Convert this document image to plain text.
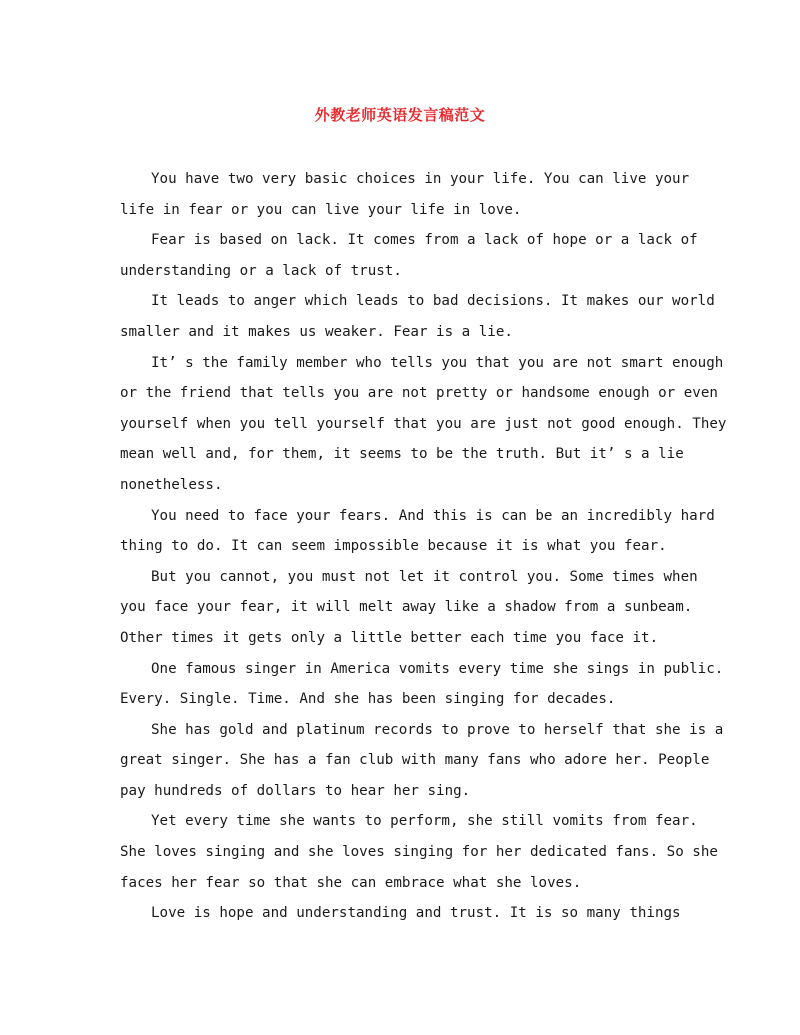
外教老师英语发言稿范文
You have two very basic choices in your life. You can live your
life in fear or you can live your life in love.
Fear is based on lack. It comes from a lack of hope or a lack of
understanding or a lack of trust.
It leads to anger which leads to bad decisions. It makes our world
smaller and it makes us weaker. Fear is a lie.
It’ s the family member who tells you that you are not smart enough
or the friend that tells you are not pretty or handsome enough or even
yourself when you tell yourself that you are just not good enough. They
mean well and, for them, it seems to be the truth. But it’ s a lie
nonetheless.
You need to face your fears. And this is can be an incredibly hard
thing to do. It can seem impossible because it is what you fear.
But you cannot, you must not let it control you. Some times when
you face your fear, it will melt away like a shadow from a sunbeam.
Other times it gets only a little better each time you face it.
One famous singer in America vomits every time she sings in public.
Every. Single. Time. And she has been singing for decades.
She has gold and platinum records to prove to herself that she is a
great singer. She has a fan club with many fans who adore her. People
pay hundreds of dollars to hear her sing.
Yet every time she wants to perform, she still vomits from fear.
She loves singing and she loves singing for her dedicated fans. So she
faces her fear so that she can embrace what she loves.
Love is hope and understanding and trust. It is so many things
